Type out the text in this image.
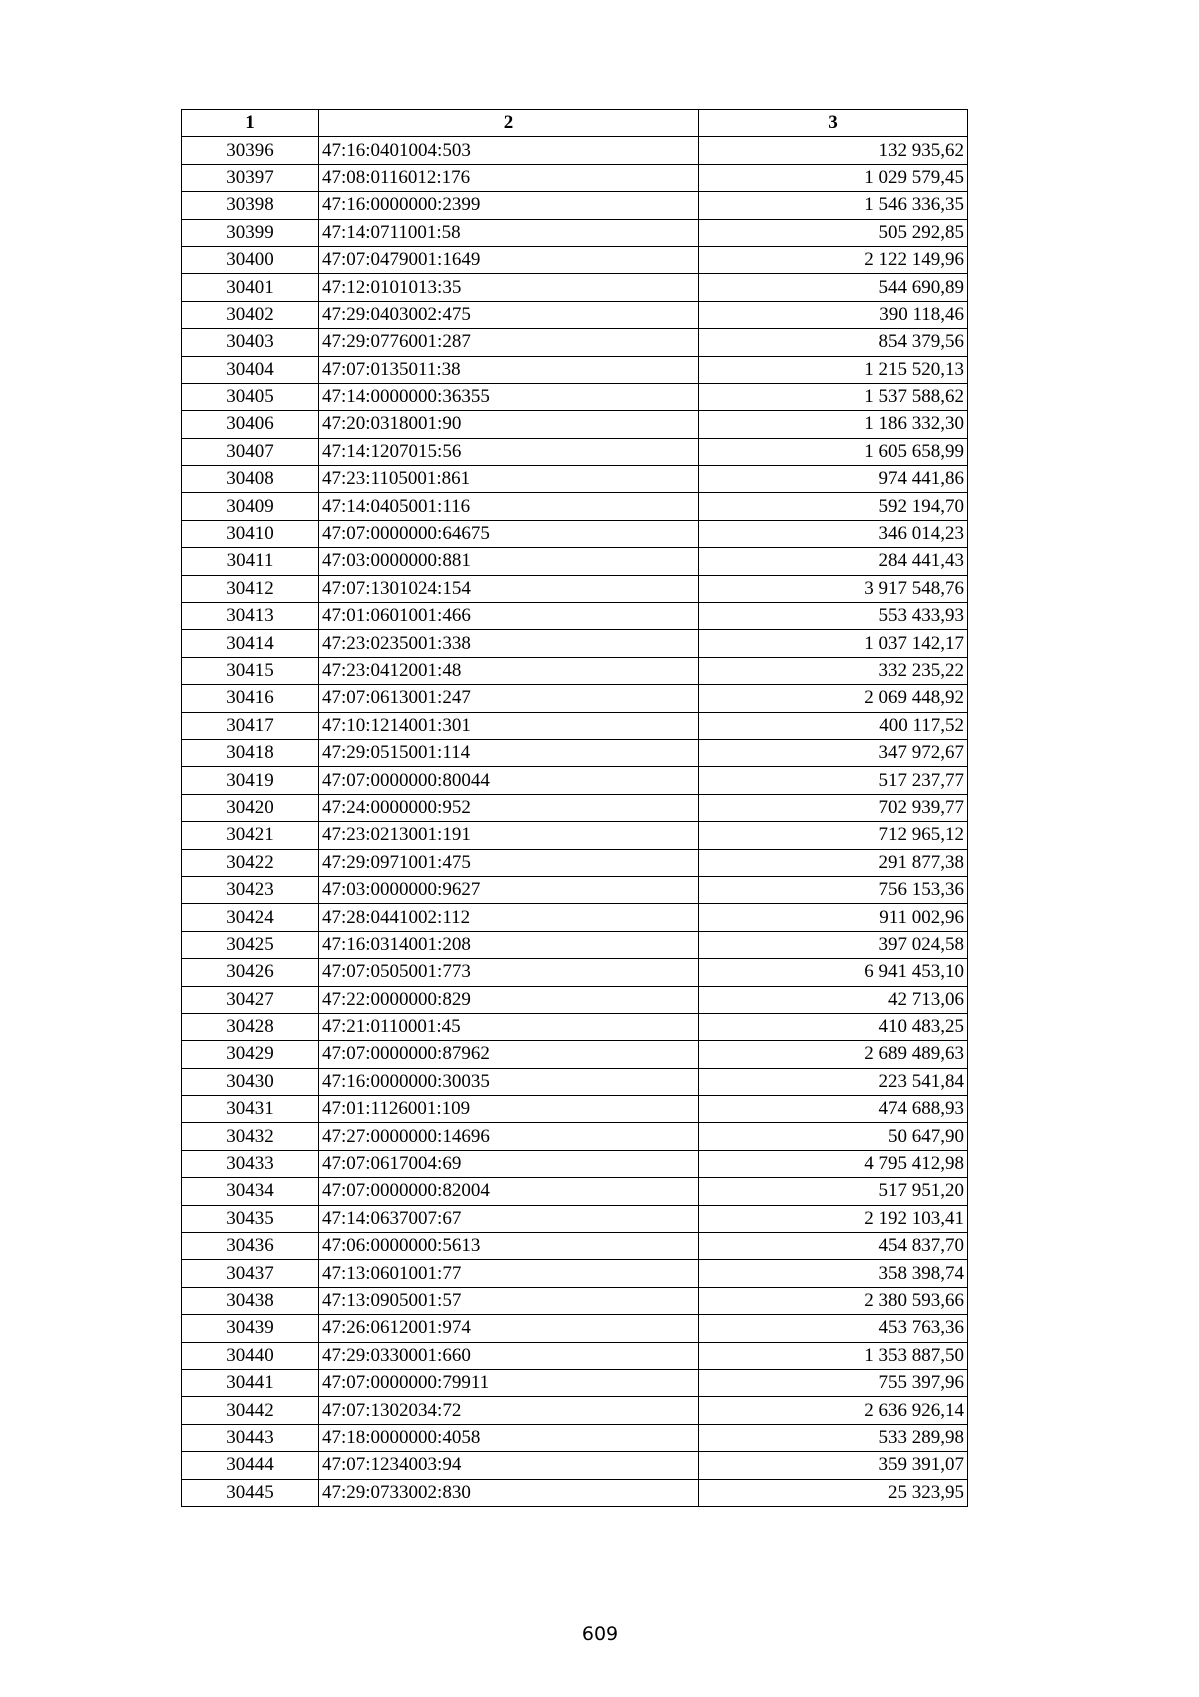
1	2	3
30396	47:16:0401004:503	132 935,62
30397	47:08:0116012:176	1 029 579,45
30398	47:16:0000000:2399	1 546 336,35
30399	47:14:0711001:58	505 292,85
30400	47:07:0479001:1649	2 122 149,96
30401	47:12:0101013:35	544 690,89
30402	47:29:0403002:475	390 118,46
30403	47:29:0776001:287	854 379,56
30404	47:07:0135011:38	1 215 520,13
30405	47:14:0000000:36355	1 537 588,62
30406	47:20:0318001:90	1 186 332,30
30407	47:14:1207015:56	1 605 658,99
30408	47:23:1105001:861	974 441,86
30409	47:14:0405001:116	592 194,70
30410	47:07:0000000:64675	346 014,23
30411	47:03:0000000:881	284 441,43
30412	47:07:1301024:154	3 917 548,76
30413	47:01:0601001:466	553 433,93
30414	47:23:0235001:338	1 037 142,17
30415	47:23:0412001:48	332 235,22
30416	47:07:0613001:247	2 069 448,92
30417	47:10:1214001:301	400 117,52
30418	47:29:0515001:114	347 972,67
30419	47:07:0000000:80044	517 237,77
30420	47:24:0000000:952	702 939,77
30421	47:23:0213001:191	712 965,12
30422	47:29:0971001:475	291 877,38
30423	47:03:0000000:9627	756 153,36
30424	47:28:0441002:112	911 002,96
30425	47:16:0314001:208	397 024,58
30426	47:07:0505001:773	6 941 453,10
30427	47:22:0000000:829	42 713,06
30428	47:21:0110001:45	410 483,25
30429	47:07:0000000:87962	2 689 489,63
30430	47:16:0000000:30035	223 541,84
30431	47:01:1126001:109	474 688,93
30432	47:27:0000000:14696	50 647,90
30433	47:07:0617004:69	4 795 412,98
30434	47:07:0000000:82004	517 951,20
30435	47:14:0637007:67	2 192 103,41
30436	47:06:0000000:5613	454 837,70
30437	47:13:0601001:77	358 398,74
30438	47:13:0905001:57	2 380 593,66
30439	47:26:0612001:974	453 763,36
30440	47:29:0330001:660	1 353 887,50
30441	47:07:0000000:79911	755 397,96
30442	47:07:1302034:72	2 636 926,14
30443	47:18:0000000:4058	533 289,98
30444	47:07:1234003:94	359 391,07
30445	47:29:0733002:830	25 323,95
609
